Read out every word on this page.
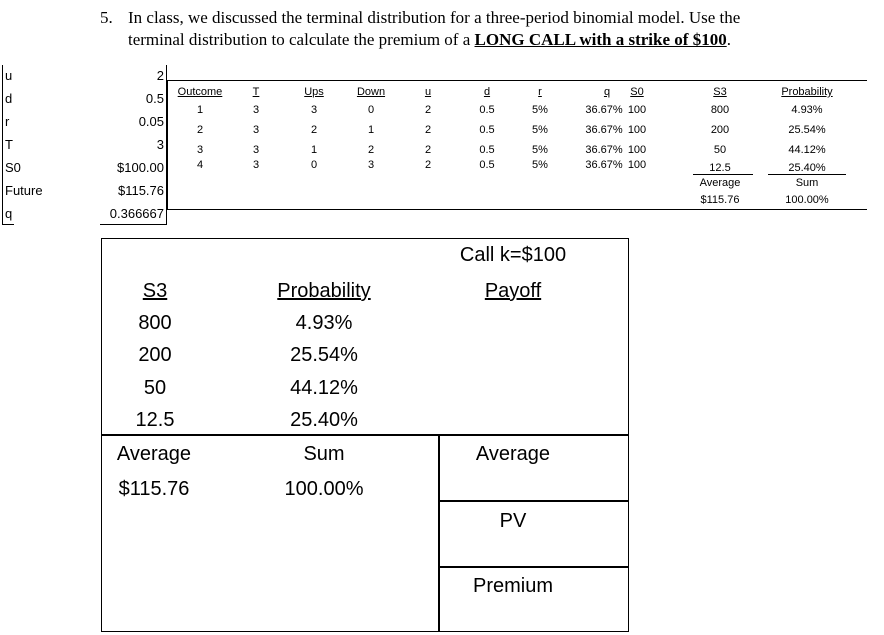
5. In class, we discussed the terminal distribution for a three-period binomial model. Use the
terminal distribution to calculate the premium of a LONG CALL with a strike of $100.
u	2
d	0.5
r	0.05
T	3
S0	$100.00
Future	$115.76
q	0.366667
Outcome	T	Ups	Down	u	d	r	q	S0	S3	Probability
1	3	3	0	2	0.5	5%	36.67% 100	800	4.93%
2	3	2	1	2	0.5	5%	36.67% 100	200	25.54%
3	3	1	2	2	0.5	5%	36.67% 100	50	44.12%
4	3	0	3	2	0.5	5%	36.67% 100	12.5	25.40%
Average	Sum
$115.76	100.00%
Call k=$100
Payoff
S3	Probability
800	4.93%
200	25.54%
50	44.12%
12.5	25.40%
Average	Sum
$115.76	100.00%
Average
PV
Premium
